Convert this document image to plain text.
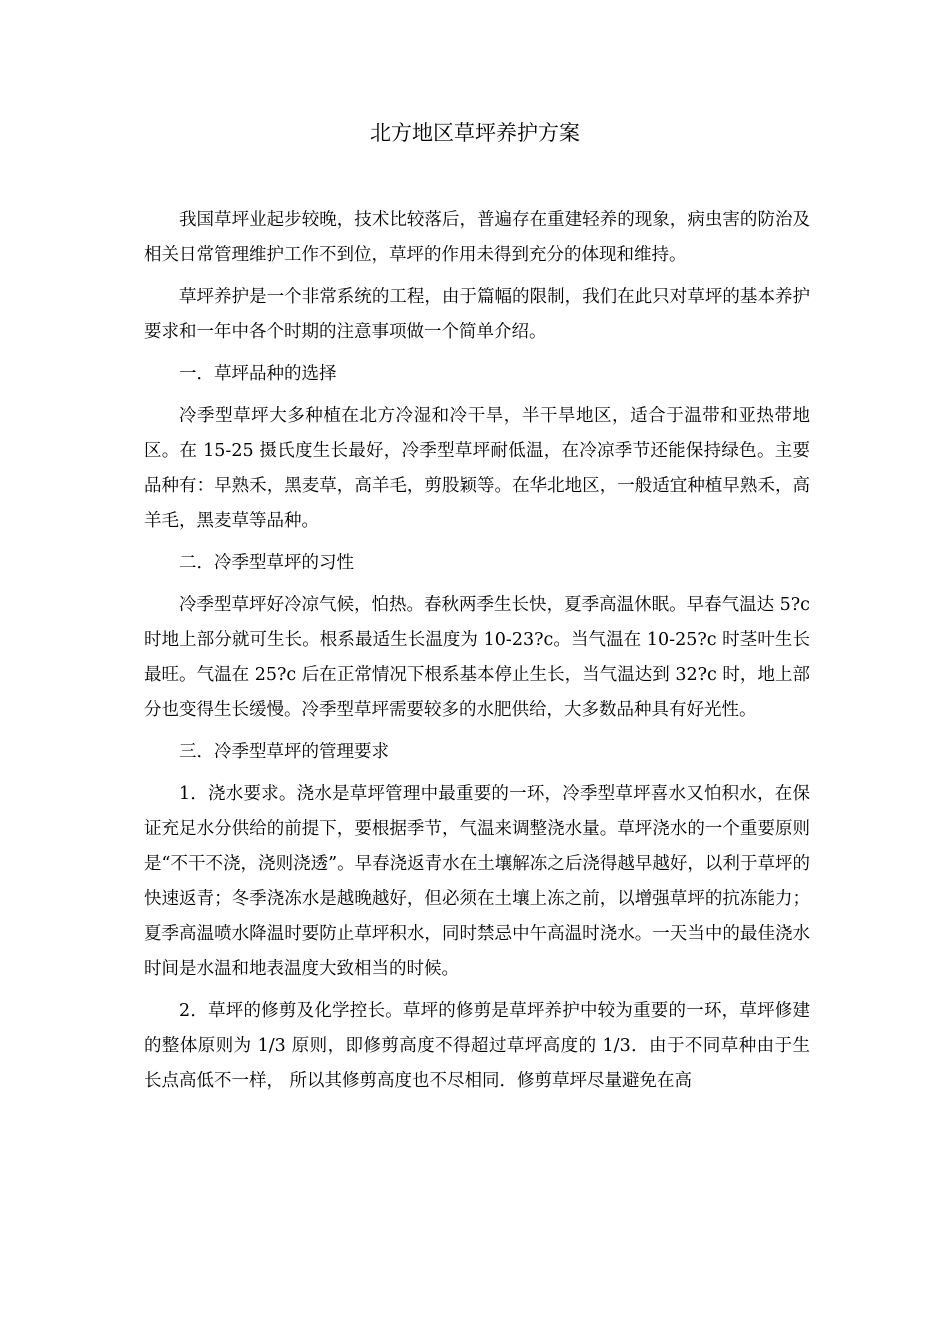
北方地区草坪养护方案

我国草坪业起步较晚，技术比较落后，普遍存在重建轻养的现象，病虫害的防治及相关日常管理维护工作不到位，草坪的作用未得到充分的体现和维持。

草坪养护是一个非常系统的工程，由于篇幅的限制，我们在此只对草坪的基本养护要求和一年中各个时期的注意事项做一个简单介绍。

一．草坪品种的选择

冷季型草坪大多种植在北方冷湿和冷干旱，半干旱地区，适合于温带和亚热带地区。在 15-25 摄氏度生长最好，冷季型草坪耐低温，在冷凉季节还能保持绿色。主要品种有：早熟禾，黑麦草，高羊毛，剪股颖等。在华北地区，一般适宜种植早熟禾，高羊毛，黑麦草等品种。

二．冷季型草坪的习性

冷季型草坪好冷凉气候，怕热。春秋两季生长快，夏季高温休眠。早春气温达 5?c 时地上部分就可生长。根系最适生长温度为 10-23?c。当气温在 10-25?c 时茎叶生长最旺。气温在 25?c 后在正常情况下根系基本停止生长，当气温达到 32?c 时，地上部分也变得生长缓慢。冷季型草坪需要较多的水肥供给，大多数品种具有好光性。

三．冷季型草坪的管理要求

1．浇水要求。浇水是草坪管理中最重要的一环，冷季型草坪喜水又怕积水，在保证充足水分供给的前提下，要根据季节，气温来调整浇水量。草坪浇水的一个重要原则是“不干不浇，浇则浇透”。早春浇返青水在土壤解冻之后浇得越早越好，以利于草坪的快速返青；冬季浇冻水是越晚越好，但必须在土壤上冻之前，以增强草坪的抗冻能力；夏季高温喷水降温时要防止草坪积水，同时禁忌中午高温时浇水。一天当中的最佳浇水时间是水温和地表温度大致相当的时候。

2．草坪的修剪及化学控长。草坪的修剪是草坪养护中较为重要的一环，草坪修建的整体原则为 1/3 原则，即修剪高度不得超过草坪高度的 1/3．由于不同草种由于生长点高低不一样， 所以其修剪高度也不尽相同．修剪草坪尽量避免在高
